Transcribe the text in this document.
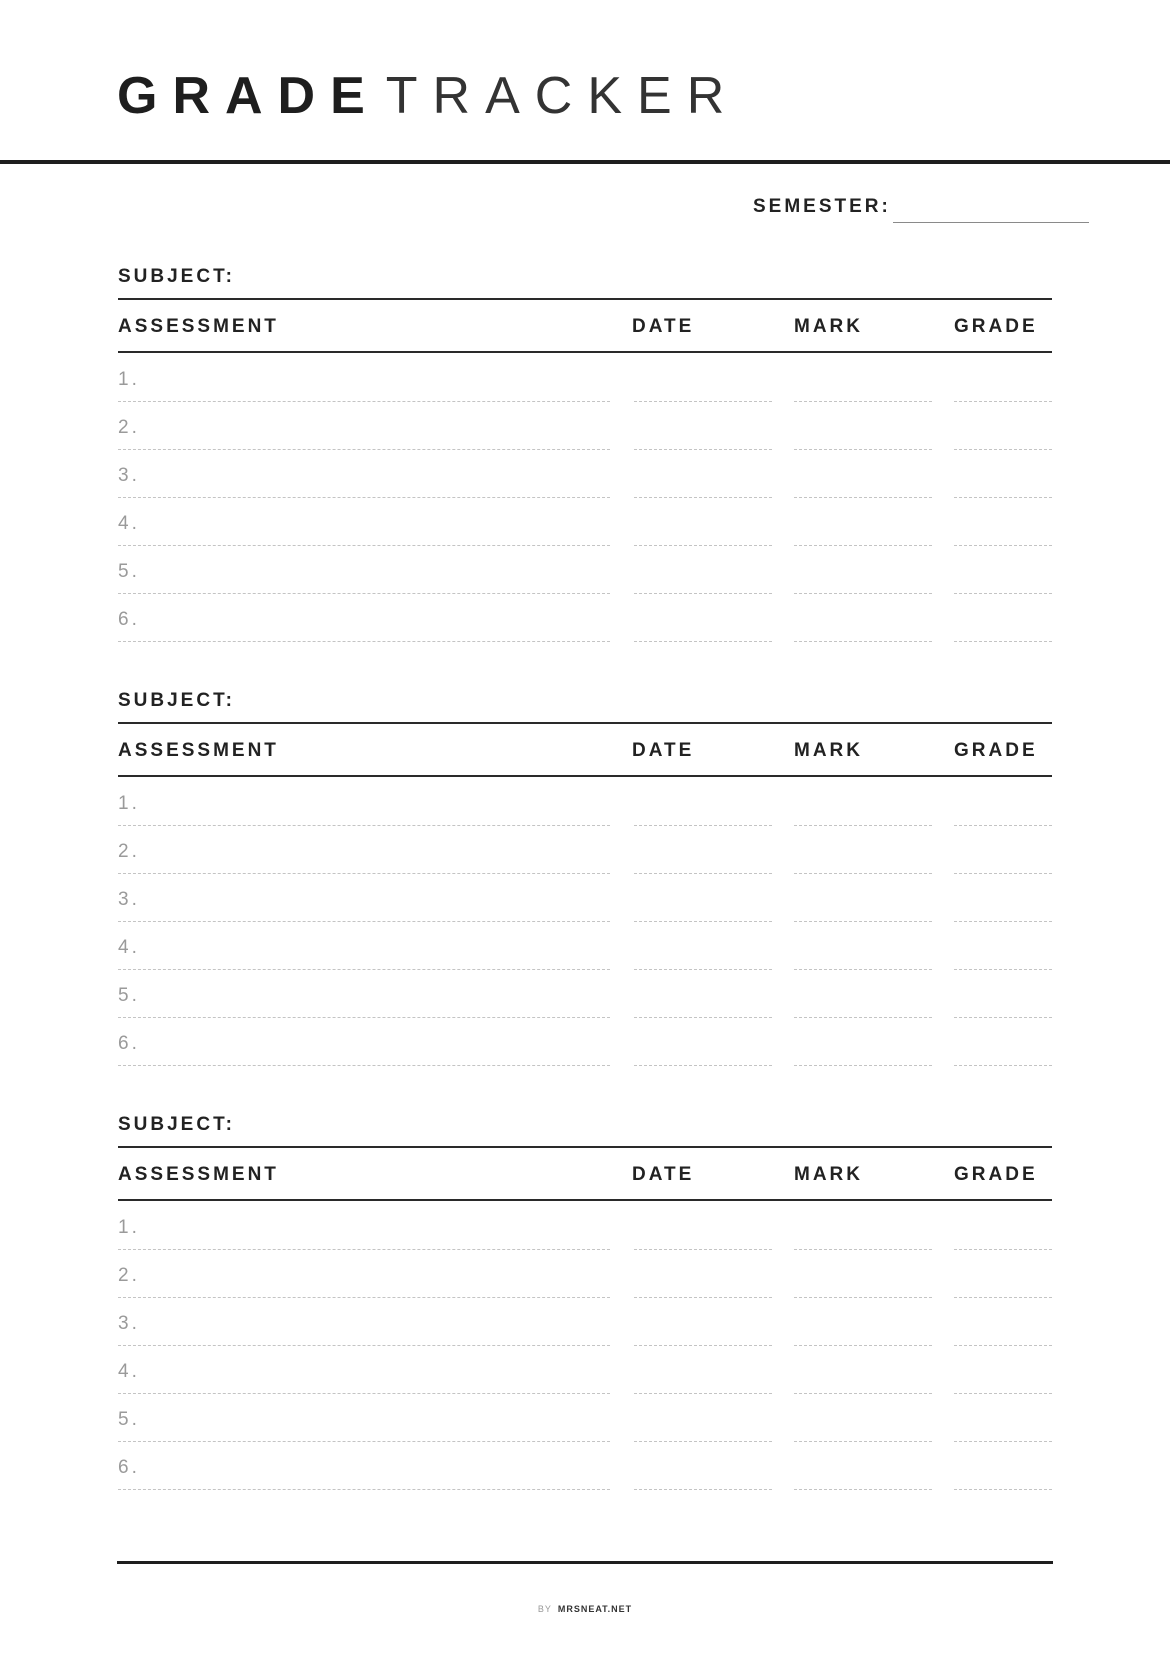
GRADE TRACKER
SEMESTER:
SUBJECT:
ASSESSMENT	DATE	MARK	GRADE
1.
2.
3.
4.
5.
6.
SUBJECT:
ASSESSMENT	DATE	MARK	GRADE
1.
2.
3.
4.
5.
6.
SUBJECT:
ASSESSMENT	DATE	MARK	GRADE
1.
2.
3.
4.
5.
6.
BY MRSNEAT.NET
